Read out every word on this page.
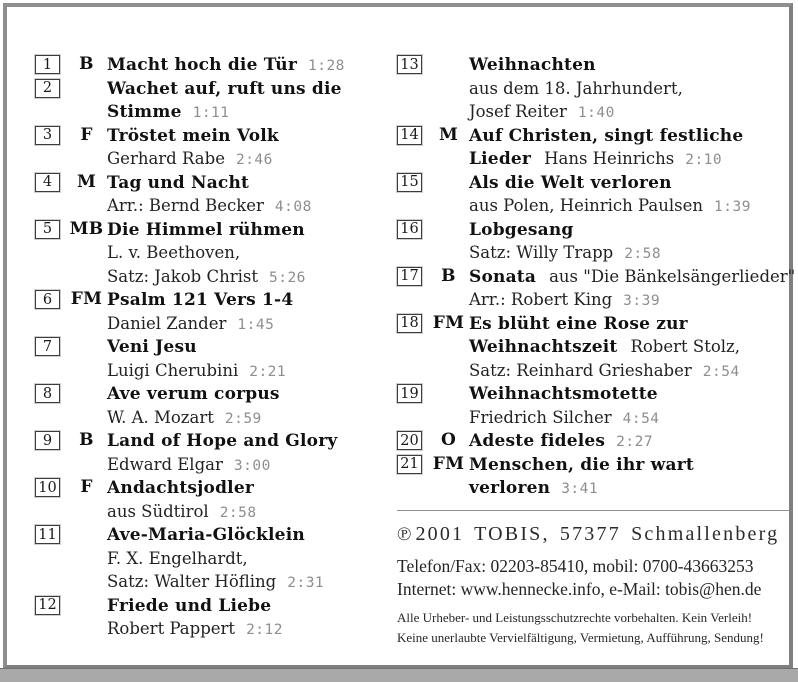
1	B Macht hoch die Tür 1:28
2	Wachet auf, ruft uns die
Stimme 1:11
3	F Tröstet mein Volk
Gerhard Rabe 2:46
4	M Tag und Nacht
Arr.: Bernd Becker 4:08
5	MB Die Himmel rühmen
L. v. Beethoven,
Satz: Jakob Christ 5:26
6	FM Psalm 121 Vers 1-4
Daniel Zander 1:45
7	Veni Jesu
Luigi Cherubini 2:21
8	Ave verum corpus
W. A. Mozart 2:59
9	B Land of Hope and Glory
Edward Elgar 3:00
10	F Andachtsjodler
aus Südtirol 2:58
11	Ave-Maria-Glöcklein
F. X. Engelhardt,
Satz: Walter Höfling 2:31
12	Friede und Liebe
Robert Pappert 2:12
13	Weihnachten
aus dem 18. Jahrhundert,
Josef Reiter 1:40
14	M Auf Christen, singt festliche
Lieder Hans Heinrichs 2:10
15	Als die Welt verloren
aus Polen, Heinrich Paulsen 1:39
16	Lobgesang
Satz: Willy Trapp 2:58
17	B Sonata aus "Die Bänkelsängerlieder"
Arr.: Robert King 3:39
18 FM Es blüht eine Rose zur
Weihnachtszeit Robert Stolz,
Satz: Reinhard Grieshaber 2:54
19	Weihnachtsmotette
Friedrich Silcher 4:54
20	O Adeste fideles 2:27
21 FM Menschen, die ihr wart
verloren 3:41
℗ 2001 TOBIS, 57377 Schmallenberg
Telefon/Fax: 02203-85410, mobil: 0700-43663253
Internet: www.hennecke.info, e-Mail: tobis@hen.de
Alle Urheber- und Leistungsschutzrechte vorbehalten. Kein Verleih!
Keine unerlaubte Vervielfältigung, Vermietung, Aufführung, Sendung!
